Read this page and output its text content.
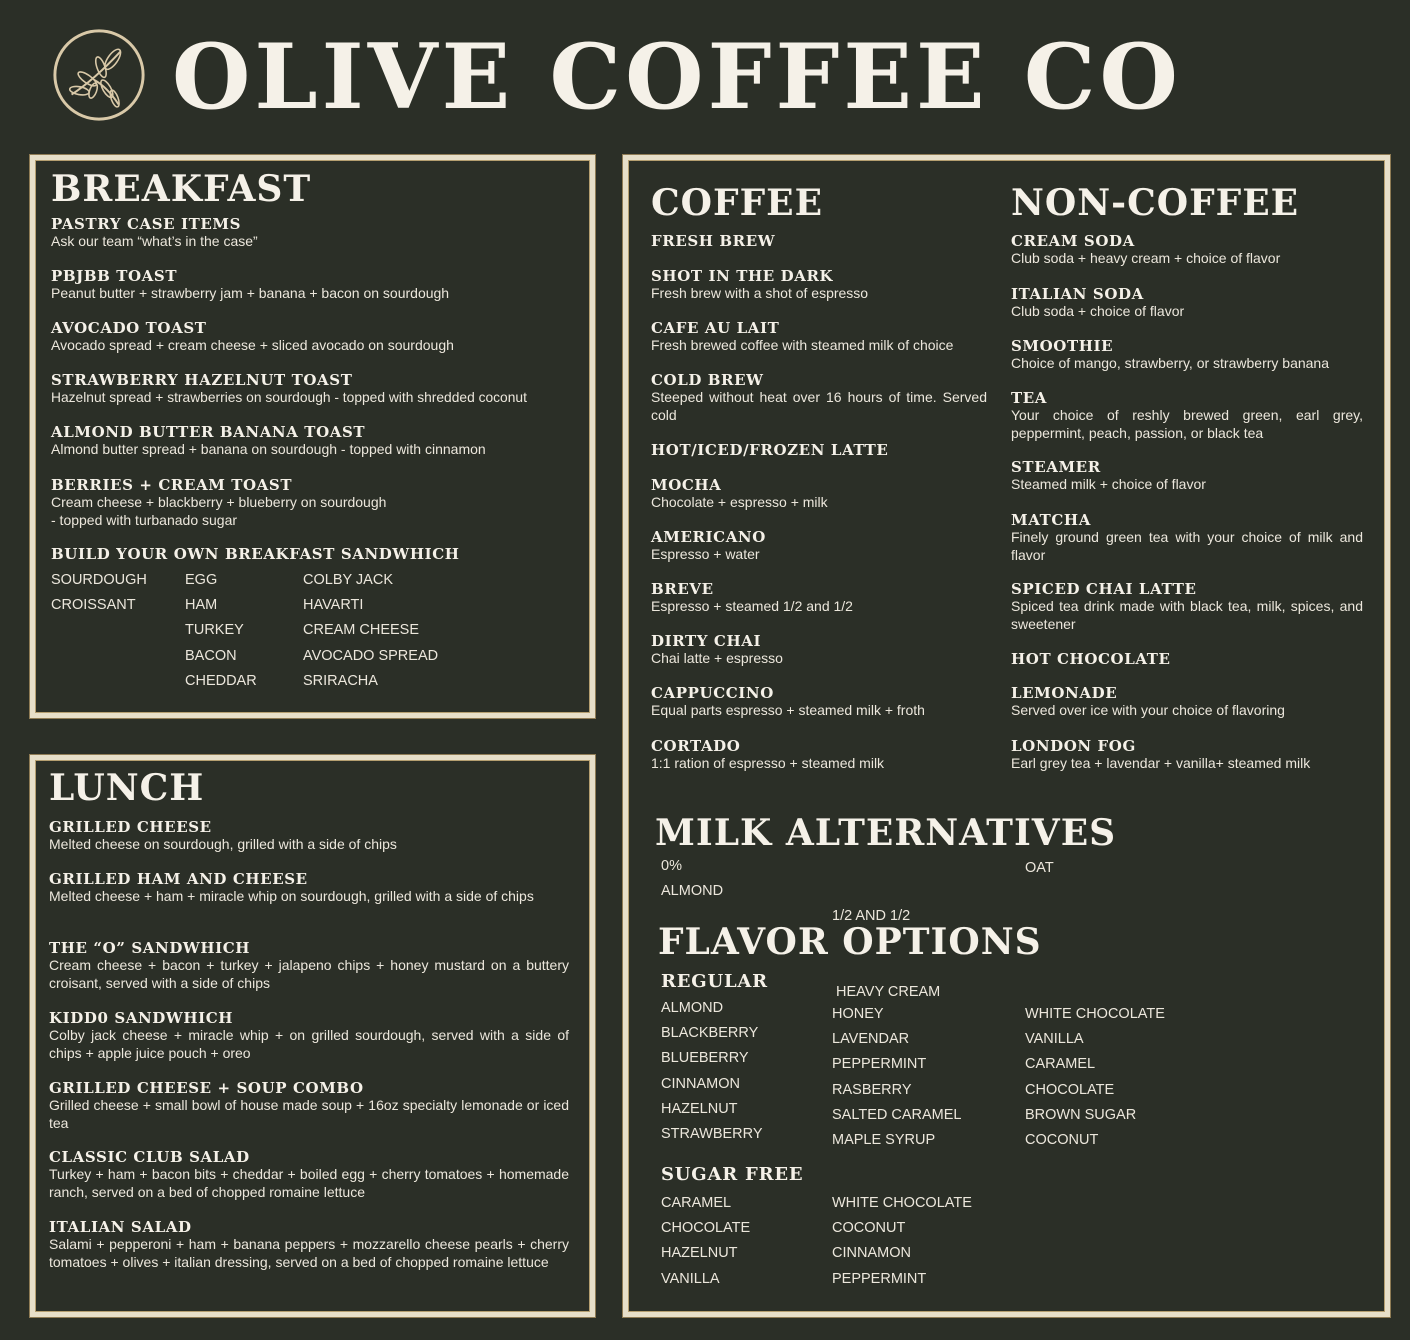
OLIVE COFFEE CO
BREAKFAST
PASTRY CASE ITEMS
Ask our team “what’s in the case”
PBJBB TOAST
Peanut butter + strawberry jam + banana + bacon on sourdough
AVOCADO TOAST
Avocado spread + cream cheese + sliced avocado on sourdough
STRAWBERRY HAZELNUT TOAST
Hazelnut spread + strawberries on sourdough - topped with shredded coconut
ALMOND BUTTER BANANA TOAST
Almond butter spread + banana on sourdough - topped with cinnamon
BERRIES + CREAM TOAST
Cream cheese + blackberry + blueberry on sourdough
- topped with turbanado sugar
BUILD YOUR OWN BREAKFAST SANDWHICH
SOURDOUGH
CROISSANT
EGG
HAM
TURKEY
BACON
CHEDDAR
COLBY JACK
HAVARTI
CREAM CHEESE
AVOCADO SPREAD
SRIRACHA
LUNCH
GRILLED CHEESE
Melted cheese on sourdough, grilled with a side of chips
GRILLED HAM AND CHEESE
Melted cheese + ham + miracle whip on sourdough, grilled with a side of chips
THE “O” SANDWHICH
Cream cheese + bacon + turkey + jalapeno chips + honey mustard on a buttery croisant, served with a side of chips
KIDD0 SANDWHICH
Colby jack cheese + miracle whip + on grilled sourdough, served with a side of chips + apple juice pouch + oreo
GRILLED CHEESE + SOUP COMBO
Grilled cheese + small bowl of house made soup + 16oz specialty lemonade or iced tea
CLASSIC CLUB SALAD
Turkey + ham + bacon bits + cheddar + boiled egg + cherry tomatoes + homemade ranch, served on a bed of chopped romaine lettuce
ITALIAN SALAD
Salami + pepperoni + ham + banana peppers + mozzarello cheese pearls + cherry tomatoes + olives + italian dressing, served on a bed of chopped romaine lettuce
COFFEE
FRESH BREW
SHOT IN THE DARK
Fresh brew with a shot of espresso
CAFE AU LAIT
Fresh brewed coffee with steamed milk of choice
COLD BREW
Steeped without heat over 16 hours of time. Served cold
HOT/ICED/FROZEN LATTE
MOCHA
Chocolate + espresso + milk
AMERICANO
Espresso + water
BREVE
Espresso + steamed 1/2 and 1/2
DIRTY CHAI
Chai latte + espresso
CAPPUCCINO
Equal parts espresso + steamed milk + froth
CORTADO
1:1 ration of espresso + steamed milk
NON-COFFEE
CREAM SODA
Club soda + heavy cream + choice of flavor
ITALIAN SODA
Club soda + choice of flavor
SMOOTHIE
Choice of mango, strawberry, or strawberry banana
TEA
Your choice of reshly brewed green, earl grey, peppermint, peach, passion, or black tea
STEAMER
Steamed milk + choice of flavor
MATCHA
Finely ground green tea with your choice of milk and flavor
SPICED CHAI LATTE
Spiced tea drink made with black tea, milk, spices, and sweetener
HOT CHOCOLATE
LEMONADE
Served over ice with your choice of flavoring
LONDON FOG
Earl grey tea + lavendar + vanilla+ steamed milk
MILK ALTERNATIVES
0%
ALMOND

1/2 AND 1/2

HEAVY CREAM

OAT
FLAVOR OPTIONS
REGULAR
ALMOND
BLACKBERRY
BLUEBERRY
CINNAMON
HAZELNUT
STRAWBERRY
HONEY
LAVENDAR
PEPPERMINT
RASBERRY
SALTED CARAMEL
MAPLE SYRUP
WHITE CHOCOLATE
VANILLA
CARAMEL
CHOCOLATE
BROWN SUGAR
COCONUT
SUGAR FREE
CARAMEL
CHOCOLATE
HAZELNUT
VANILLA
WHITE CHOCOLATE
COCONUT
CINNAMON
PEPPERMINT
